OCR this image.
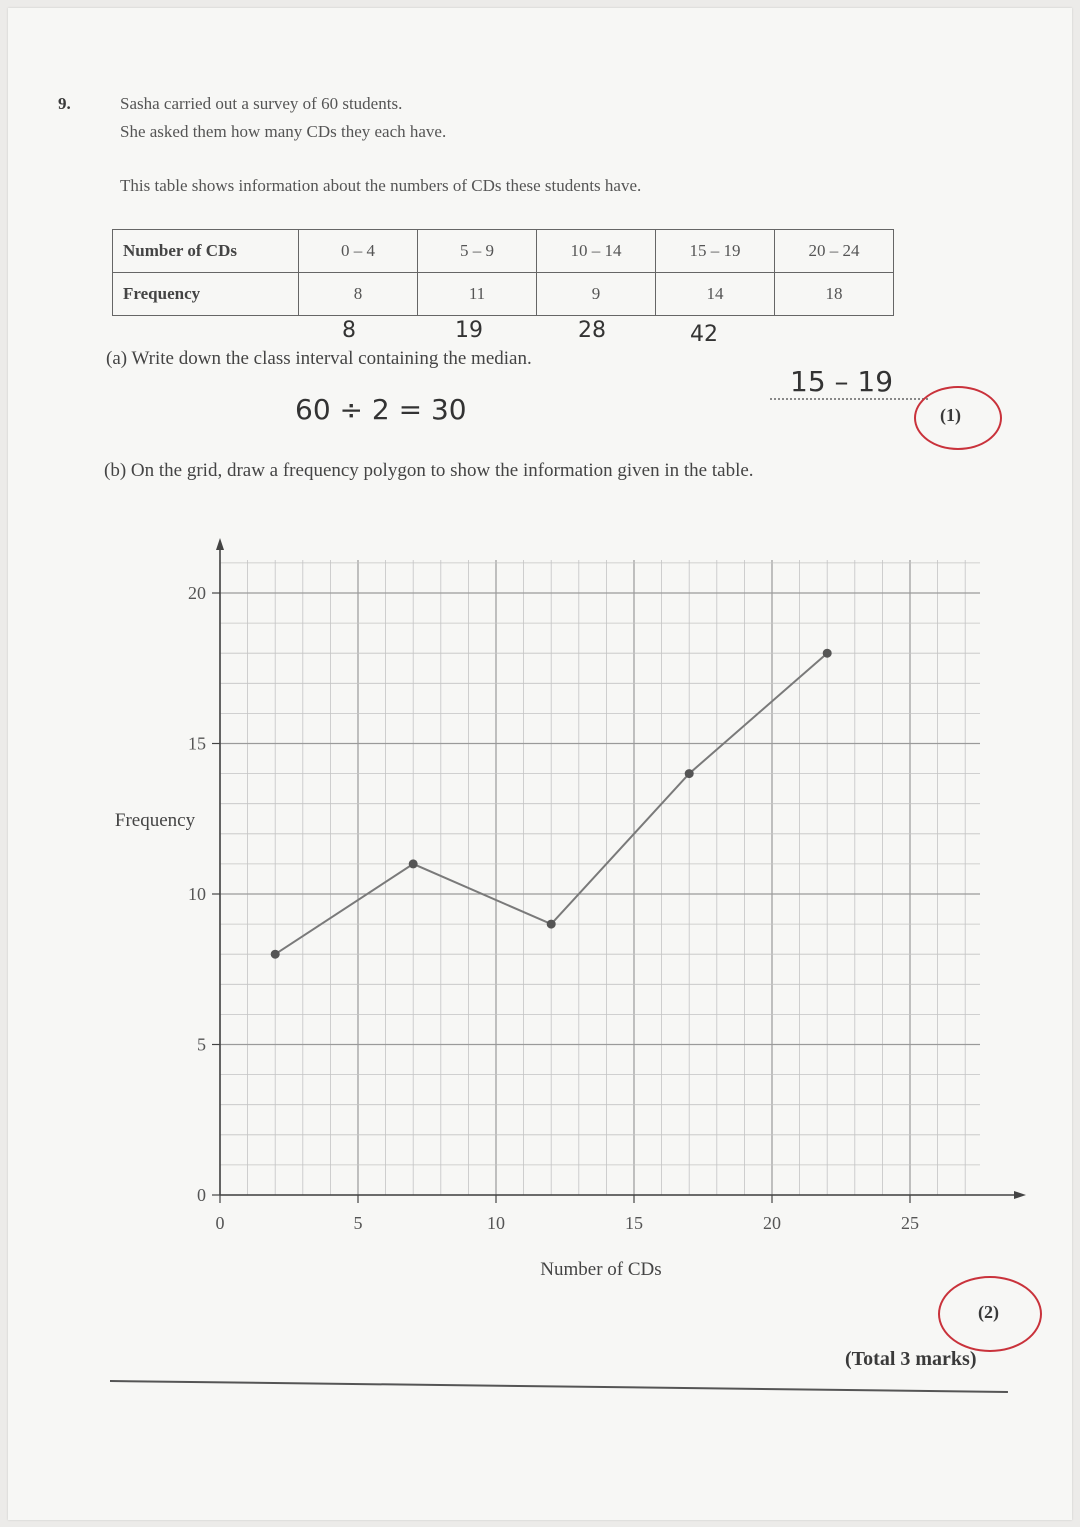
9.	Sasha carried out a survey of 60 students.
She asked them how many CDs they each have.
This table shows information about the numbers of CDs these students have.
Number of CDs	0 – 4	5 – 9	10 – 14	15 – 19	20 – 24
Frequency	8	11	9	14	18
8	19	28	42
(a) Write down the class interval containing the median.
60 ÷ 2 = 30
15 – 19
(1)
(b) On the grid, draw a frequency polygon to show the information given in the table.
0	5	10	15	20	25
0
5
10
15
20
Frequency
Number of CDs
(2)
(Total 3 marks)
